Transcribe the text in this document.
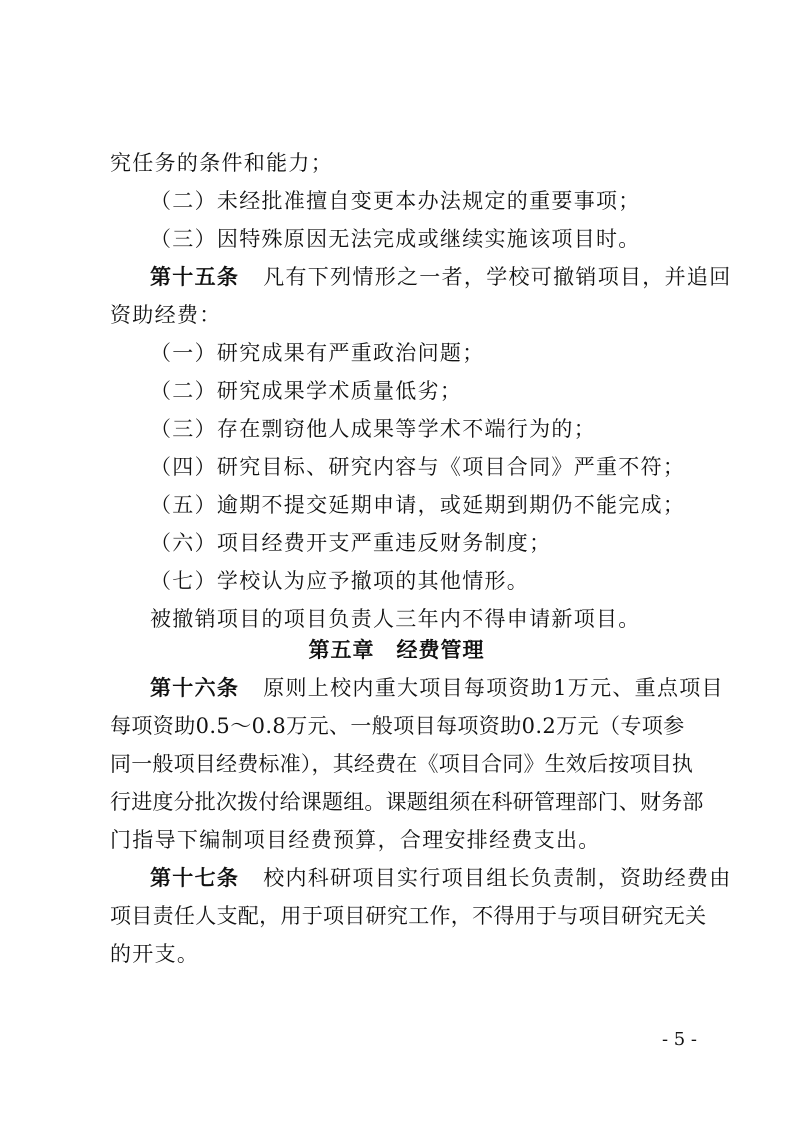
究任务的条件和能力；
（二）未经批准擅自变更本办法规定的重要事项；
（三）因特殊原因无法完成或继续实施该项目时。
第十五条 凡有下列情形之一者，学校可撤销项目，并追回
资助经费：
（一）研究成果有严重政治问题；
（二）研究成果学术质量低劣；
（三）存在剽窃他人成果等学术不端行为的；
（四）研究目标、研究内容与《项目合同》严重不符；
（五）逾期不提交延期申请，或延期到期仍不能完成；
（六）项目经费开支严重违反财务制度；
（七）学校认为应予撤项的其他情形。
被撤销项目的项目负责人三年内不得申请新项目。
第五章 经费管理
第十六条 原则上校内重大项目每项资助1万元、重点项目
每项资助0.5～0.8万元、一般项目每项资助0.2万元（专项参
同一般项目经费标准），其经费在《项目合同》生效后按项目执
行进度分批次拨付给课题组。课题组须在科研管理部门、财务部
门指导下编制项目经费预算，合理安排经费支出。
第十七条 校内科研项目实行项目组长负责制，资助经费由
项目责任人支配，用于项目研究工作，不得用于与项目研究无关
的开支。
- 5 -
